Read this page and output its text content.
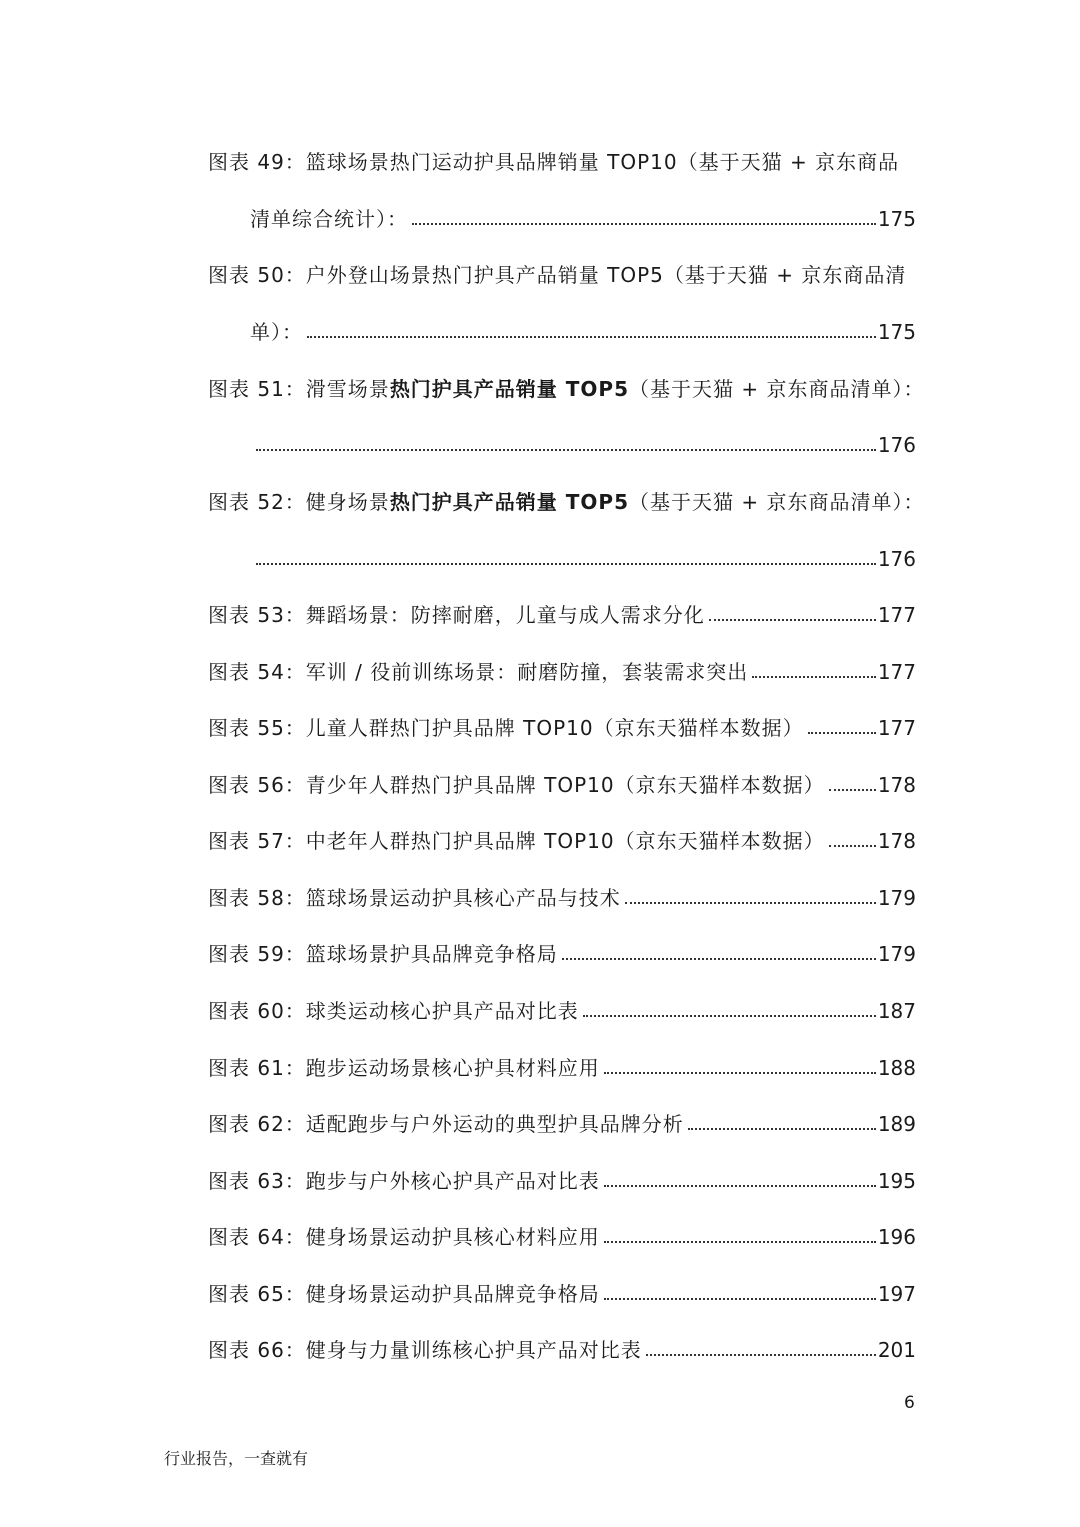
图表 49：篮球场景热门运动护具品牌销量 TOP10（基于天猫 + 京东商品
清单综合统计）：	175
图表 50：户外登山场景热门护具产品销量 TOP5（基于天猫 + 京东商品清
单）：	175
图表 51：滑雪场景 热门护具产品销量 TOP5 （基于天猫 + 京东商品清单）：
176
图表 52：健身场景 热门护具产品销量 TOP5 （基于天猫 + 京东商品清单）：
176
图表 53：舞蹈场景：防摔耐磨，儿童与成人需求分化	177
图表 54：军训 / 役前训练场景：耐磨防撞，套装需求突出	177
图表 55：儿童人群热门护具品牌 TOP10（京东天猫样本数据）	177
图表 56：青少年人群热门护具品牌 TOP10（京东天猫样本数据）	178
图表 57：中老年人群热门护具品牌 TOP10（京东天猫样本数据）	178
图表 58：篮球场景运动护具核心产品与技术	179
图表 59：篮球场景护具品牌竞争格局	179
图表 60：球类运动核心护具产品对比表	187
图表 61：跑步运动场景核心护具材料应用	188
图表 62：适配跑步与户外运动的典型护具品牌分析	189
图表 63：跑步与户外核心护具产品对比表	195
图表 64：健身场景运动护具核心材料应用	196
图表 65：健身场景运动护具品牌竞争格局	197
图表 66：健身与力量训练核心护具产品对比表	201
6
行业报告，一查就有
